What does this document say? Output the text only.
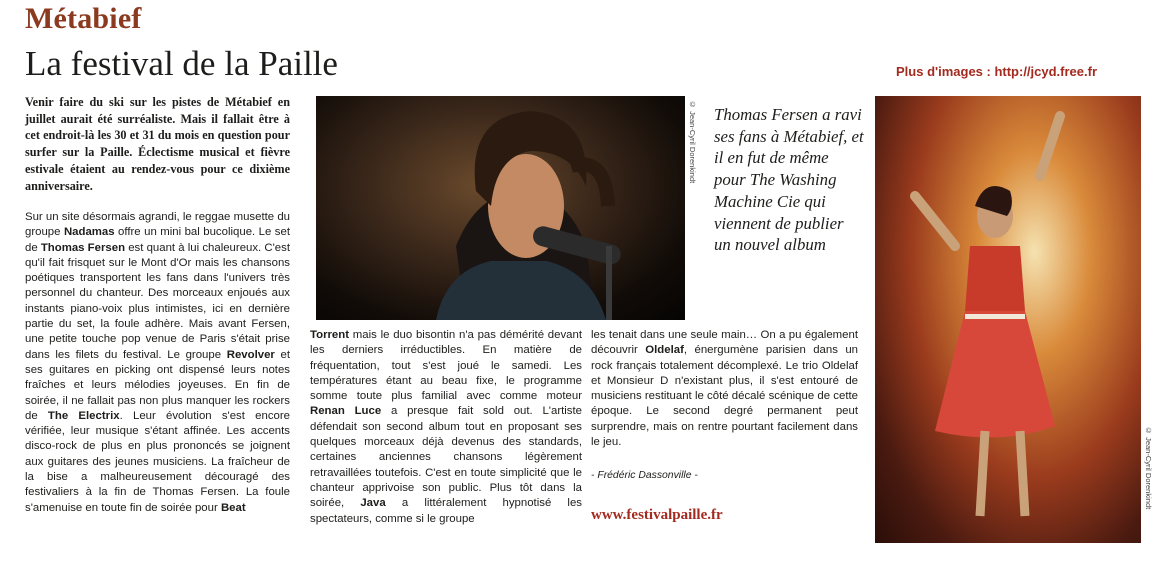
Métabief
La festival de la Paille	Plus d'images : http://jcyd.free.fr
Venir faire du ski sur les pistes de Métabief en juillet aurait été surréaliste. Mais il fallait être à cet endroit-là les 30 et 31 du mois en question pour surfer sur la Paille. Éclectisme musical et fièvre estivale étaient au rendez-vous pour ce dixième anniversaire.

Sur un site désormais agrandi, le reggae musette du groupe Nadamas offre un mini bal bucolique. Le set de Thomas Fersen est quant à lui chaleureux. C'est qu'il fait frisquet sur le Mont d'Or mais les chansons poétiques transportent les fans dans l'univers très personnel du chanteur. Des morceaux enjoués aux instants piano-voix plus intimistes, ici en dernière partie du set, la foule adhère. Mais avant Fersen, une petite touche pop venue de Paris s'était prise dans les filets du festival. Le groupe Revolver et ses guitares en picking ont dispensé leurs notes fraîches et leurs mélodies joyeuses. En fin de soirée, il ne fallait pas non plus manquer les rockers de The Electrix. Leur évolution s'est encore vérifiée, leur musique s'étant affinée. Les accents disco-rock de plus en plus prononcés se joignent aux guitares des jeunes musiciens. La fraîcheur de la bise a malheureusement découragé des festivaliers à la fin de Thomas Fersen. La foule s'amenuise en toute fin de soirée pour Beat

Torrent mais le duo bisontin n'a pas démérité devant les derniers irréductibles. En matière de fréquentation, tout s'est joué le samedi. Les températures étant au beau fixe, le programme somme toute plus familial avec comme moteur Renan Luce a presque fait sold out. L'artiste défendait son second album tout en proposant ses quelques morceaux déjà devenus des standards, certaines anciennes chansons légèrement retravaillées toutefois. C'est en toute simplicité que le chanteur apprivoise son public. Plus tôt dans la soirée, Java a littéralement hypnotisé les spectateurs, comme si le groupe

les tenait dans une seule main… On a pu également découvrir Oldelaf, énergumène parisien dans un rock français totalement décomplexé. Le trio Oldelaf et Monsieur D n'existant plus, il s'est entouré de musiciens restituant le côté décalé scénique de cette époque. Le second degré permanent peut surprendre, mais on rentre pourtant facilement dans le jeu.

- Frédéric Dassonville -

www.festivalpaille.fr
© Jean-Cyril Dorenkindt Thomas Fersen a ravi ses fans à Métabief, et il en fut de même pour The Washing Machine Cie qui viennent de publier un nouvel album
© Jean-Cyril Dorenkindt
